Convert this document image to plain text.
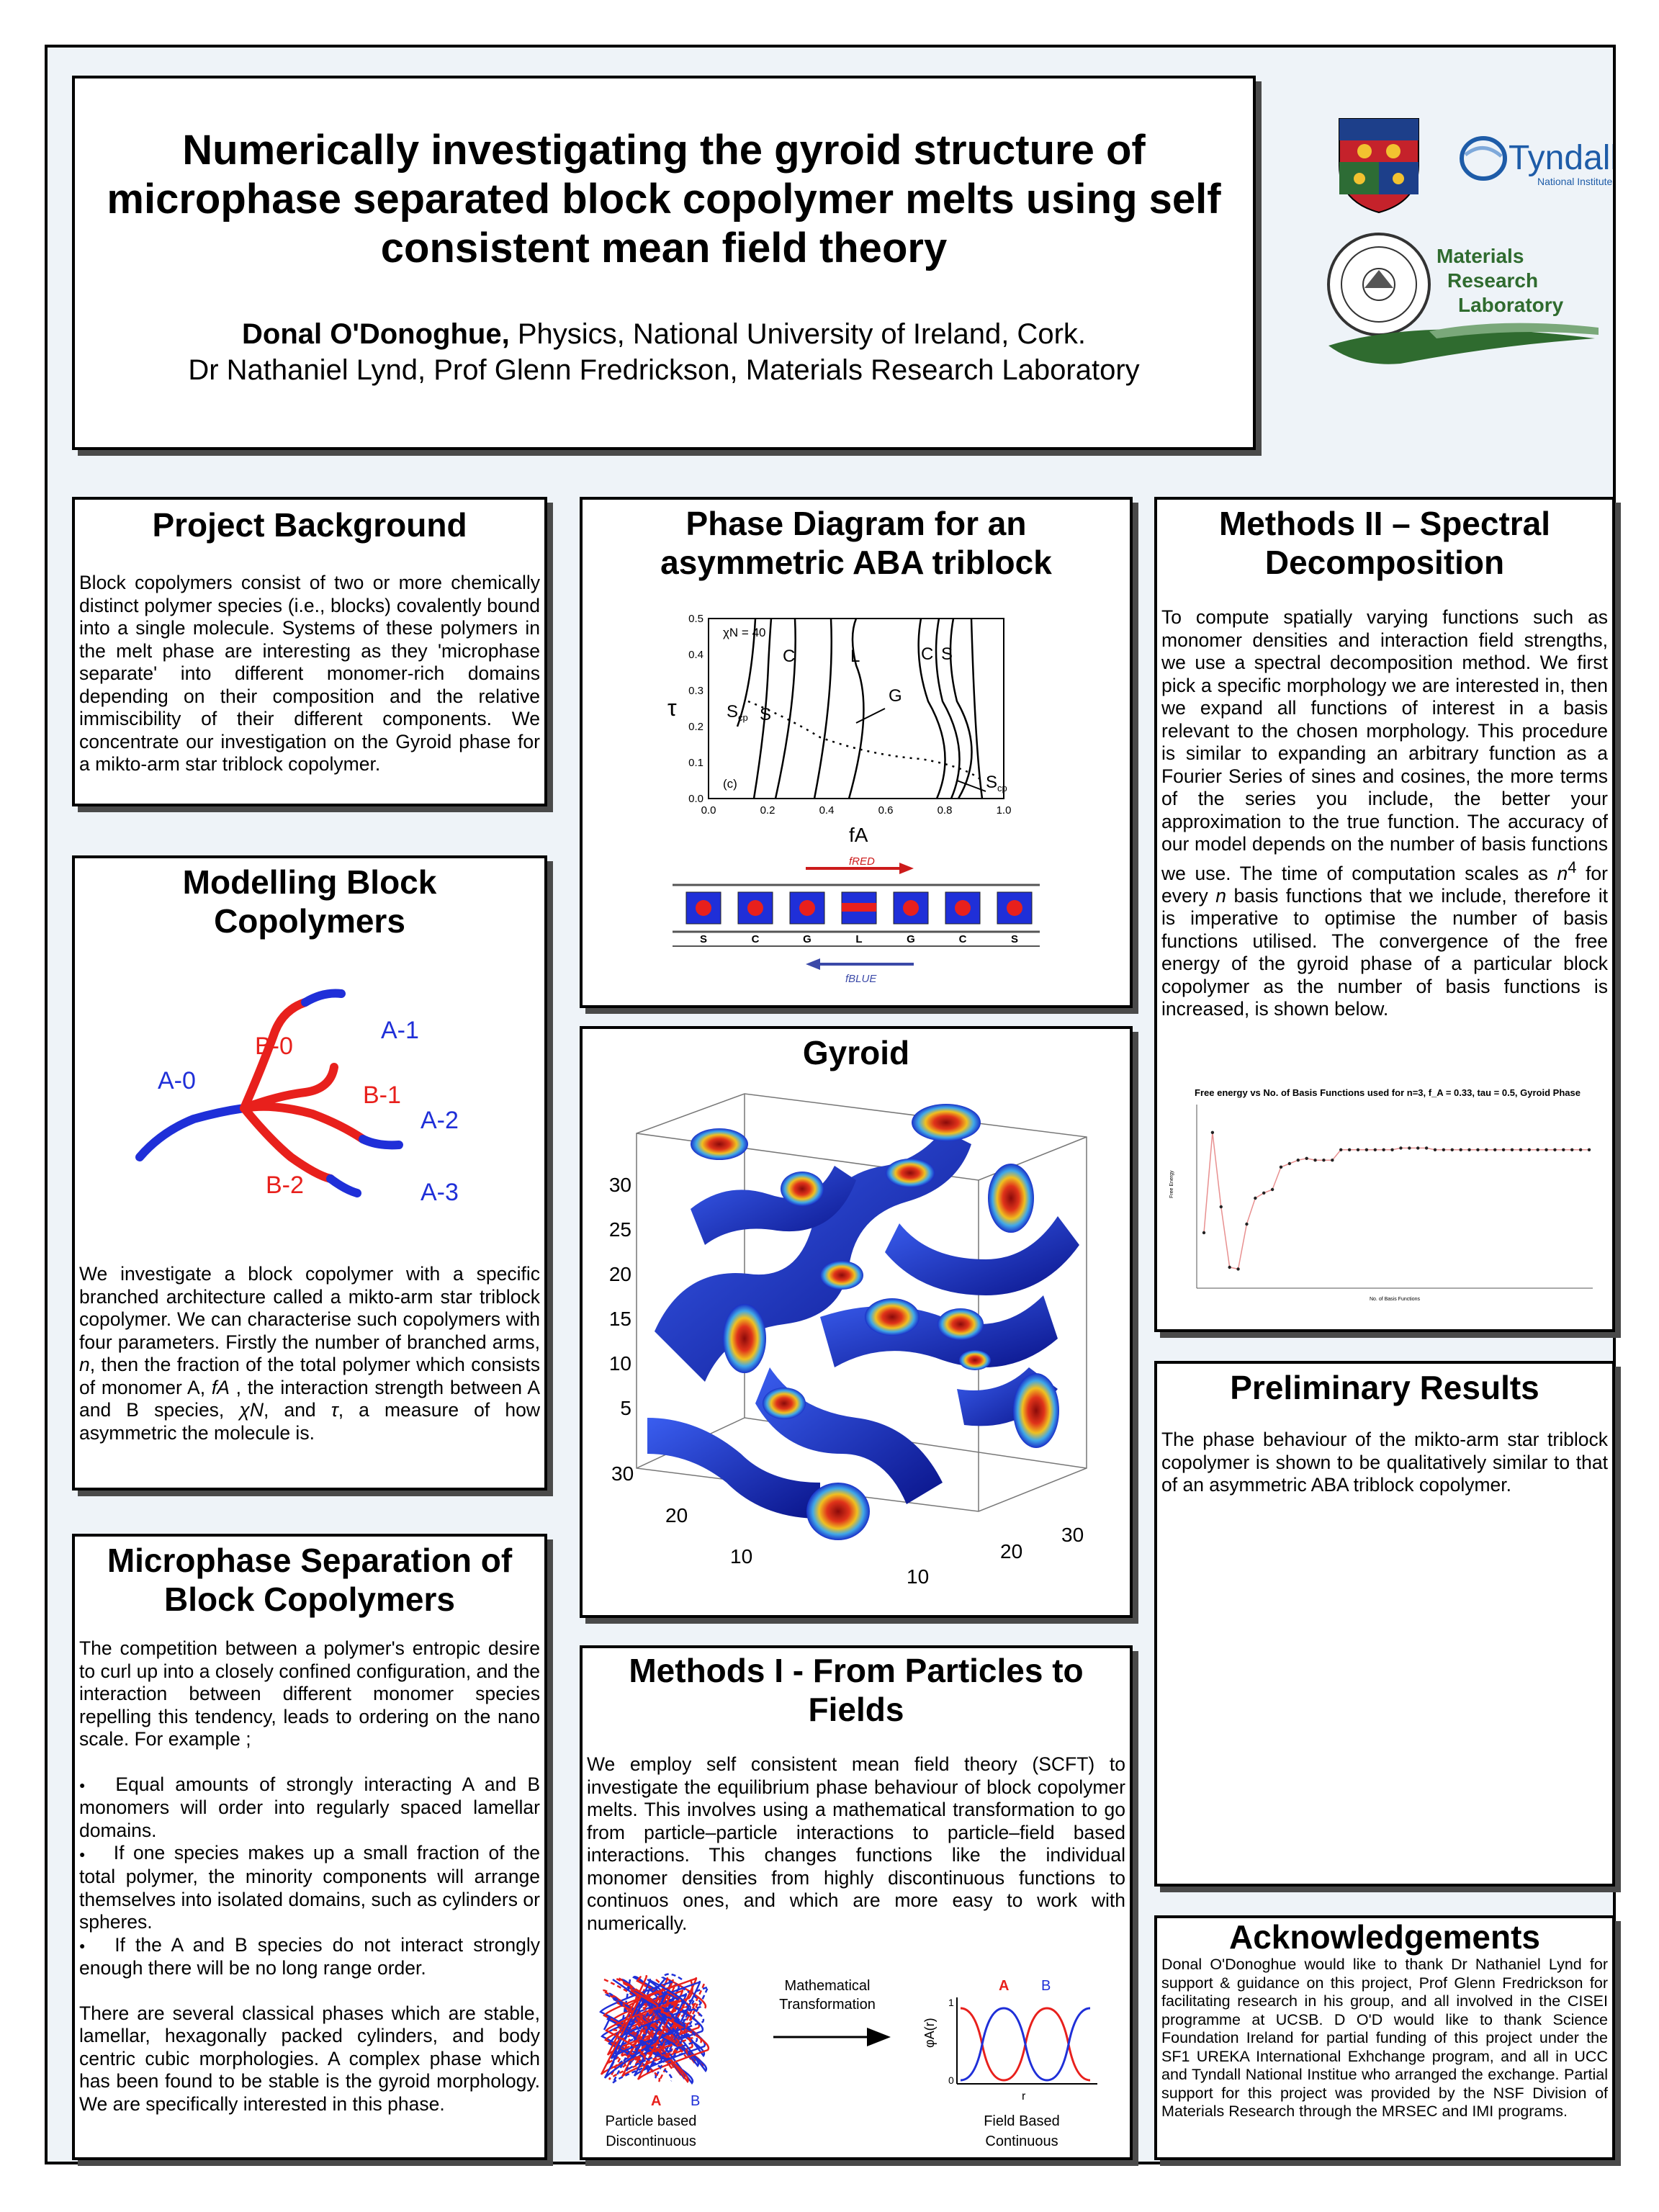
Numerically investigating the gyroid structure of
microphase separated block copolymer melts using self
consistent mean field theory
Donal O'Donoghue, Physics, National University of Ireland, Cork.
Dr Nathaniel Lynd, Prof Glenn Fredrickson, Materials Research Laboratory
Tyndall
National Institute
Materials
Research
Laboratory
Project Background

Block copolymers consist of two or more chemically distinct polymer species (i.e., blocks) covalently bound into a single molecule. Systems of these polymers in the melt phase are interesting as they 'microphase separate' into different monomer-rich domains depending on their composition and the relative immiscibility of their different components. We concentrate our investigation on the Gyroid phase for a mikto-arm star triblock copolymer.

Modelling Block
Copolymers
A-0
B-0
A-1
B-1
A-2
B-2	A-3

We investigate a block copolymer with a specific branched architecture called a mikto-arm star triblock copolymer. We can characterise such copolymers with four parameters. Firstly the number of branched arms, n, then the fraction of the total polymer which consists of monomer A, fA , the interaction strength between A and B species, χN, and τ, a measure of how asymmetric the molecule is.

Microphase Separation of
Block Copolymers

The competition between a polymer's entropic desire to curl up into a closely confined configuration, and the interaction between different monomer species repelling this tendency, leads to ordering on the nano scale. For example ;

● Equal amounts of strongly interacting A and B monomers will order into regularly spaced lamellar domains.

● If one species makes up a small fraction of the total polymer, the minority components will arrange themselves into isolated domains, such as cylinders or spheres.

● If the A and B species do not interact strongly enough there will be no long range order.

There are several classical phases which are stable, lamellar, hexagonally packed cylinders, and body centric cubic morphologies. A complex phase which has been found to be stable is the gyroid morphology. We are specifically interested in this phase.

Phase Diagram for an
asymmetric ABA triblock
0.0
0.1
0.2
0.3
0.4
0.5
0.0	0.2	0.4	0.6	0.8	1.0
τ
fA
χN = 40
(c)
$S_{cp}$ S
C	L
G
C S
$S_{cp}$
fRED
S	C	G	L	G	C	S
fBLUE
Gyroid
30
25
20
15
10
5
30
20
10
30
20
10
Methods I - From Particles to
Fields

We employ self consistent mean field theory (SCFT) to investigate the equilibrium phase behaviour of block copolymer melts. This involves using a mathematical transformation to go from particle–particle interactions to particle–field based interactions. This changes functions like the individual monomer densities from highly discontinuous functions to continuos ones, and which are more easy to work with numerically.

A B
Particle based
Discontinuous
Mathematical
Transformation
A B
φA(r)
1
0
r
Field Based
Continuous
Methods II – Spectral
Decomposition

To compute spatially varying functions such as monomer densities and interaction field strengths, we use a spectral decomposition method. We first pick a specific morphology we are interested in, then we expand all functions of interest in a basis relevant to the chosen morphology. This procedure is similar to expanding an arbitrary function as a Fourier Series of sines and cosines, the more terms of the series you include, the better your approximation to the true function. The accuracy of our model depends on the number of basis functions we use. The time of computation scales as $n^4$ for every n basis functions that we include, therefore it is imperative to optimise the number of basis functions utilised. The convergence of the free energy of the gyroid phase of a particular block copolymer as the number of basis functions is increased, is shown below.

Free energy vs No. of Basis Functions used for n=3, f_A = 0.33, tau = 0.5, Gyroid Phase
Free Energy
No. of Basis Functions
Preliminary Results

The phase behaviour of the mikto-arm star triblock copolymer is shown to be qualitatively similar to that of an asymmetric ABA triblock copolymer.

Acknowledgements

Donal O'Donoghue would like to thank Dr Nathaniel Lynd for support & guidance on this project, Prof Glenn Fredrickson for facilitating research in his group, and all involved in the CISEI programme at UCSB. D O'D would like to thank Science Foundation Ireland for partial funding of this project under the SF1 UREKA International Exhchange program, and all in UCC and Tyndall National Institue who arranged the exchange. Partial support for this project was provided by the NSF Division of Materials Research through the MRSEC and IMI programs.
